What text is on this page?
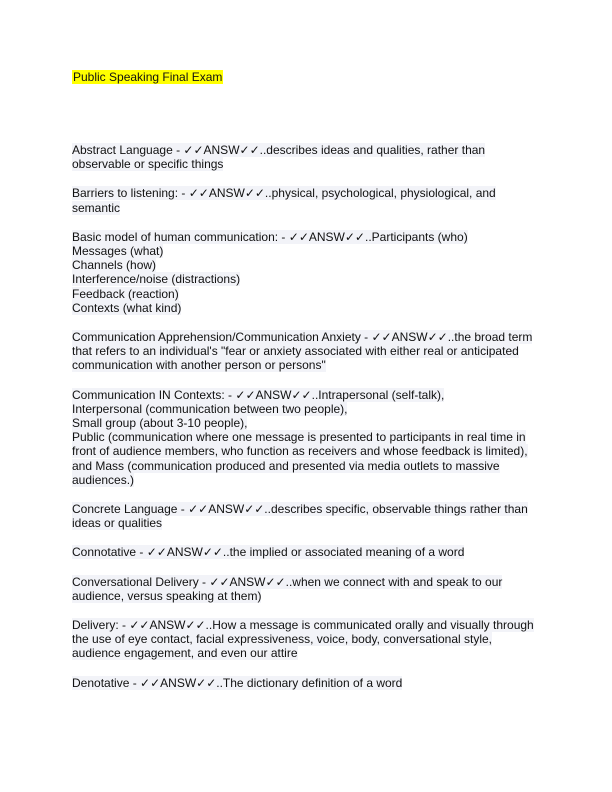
Public Speaking Final Exam
Abstract Language - ✓✓ANSW✓✓..describes ideas and qualities, rather than
observable or specific things
Barriers to listening: - ✓✓ANSW✓✓..physical, psychological, physiological, and
semantic
Basic model of human communication: - ✓✓ANSW✓✓..Participants (who)
Messages (what)
Channels (how)
Interference/noise (distractions)
Feedback (reaction)
Contexts (what kind)
Communication Apprehension/Communication Anxiety - ✓✓ANSW✓✓..the broad term
that refers to an individual's "fear or anxiety associated with either real or anticipated
communication with another person or persons"
Communication IN Contexts: - ✓✓ANSW✓✓..Intrapersonal (self-talk),
Interpersonal (communication between two people),
Small group (about 3-10 people),
Public (communication where one message is presented to participants in real time in
front of audience members, who function as receivers and whose feedback is limited),
and Mass (communication produced and presented via media outlets to massive
audiences.)
Concrete Language - ✓✓ANSW✓✓..describes specific, observable things rather than
ideas or qualities
Connotative - ✓✓ANSW✓✓..the implied or associated meaning of a word
Conversational Delivery - ✓✓ANSW✓✓..when we connect with and speak to our
audience, versus speaking at them)
Delivery: - ✓✓ANSW✓✓..How a message is communicated orally and visually through
the use of eye contact, facial expressiveness, voice, body, conversational style,
audience engagement, and even our attire
Denotative - ✓✓ANSW✓✓..The dictionary definition of a word
